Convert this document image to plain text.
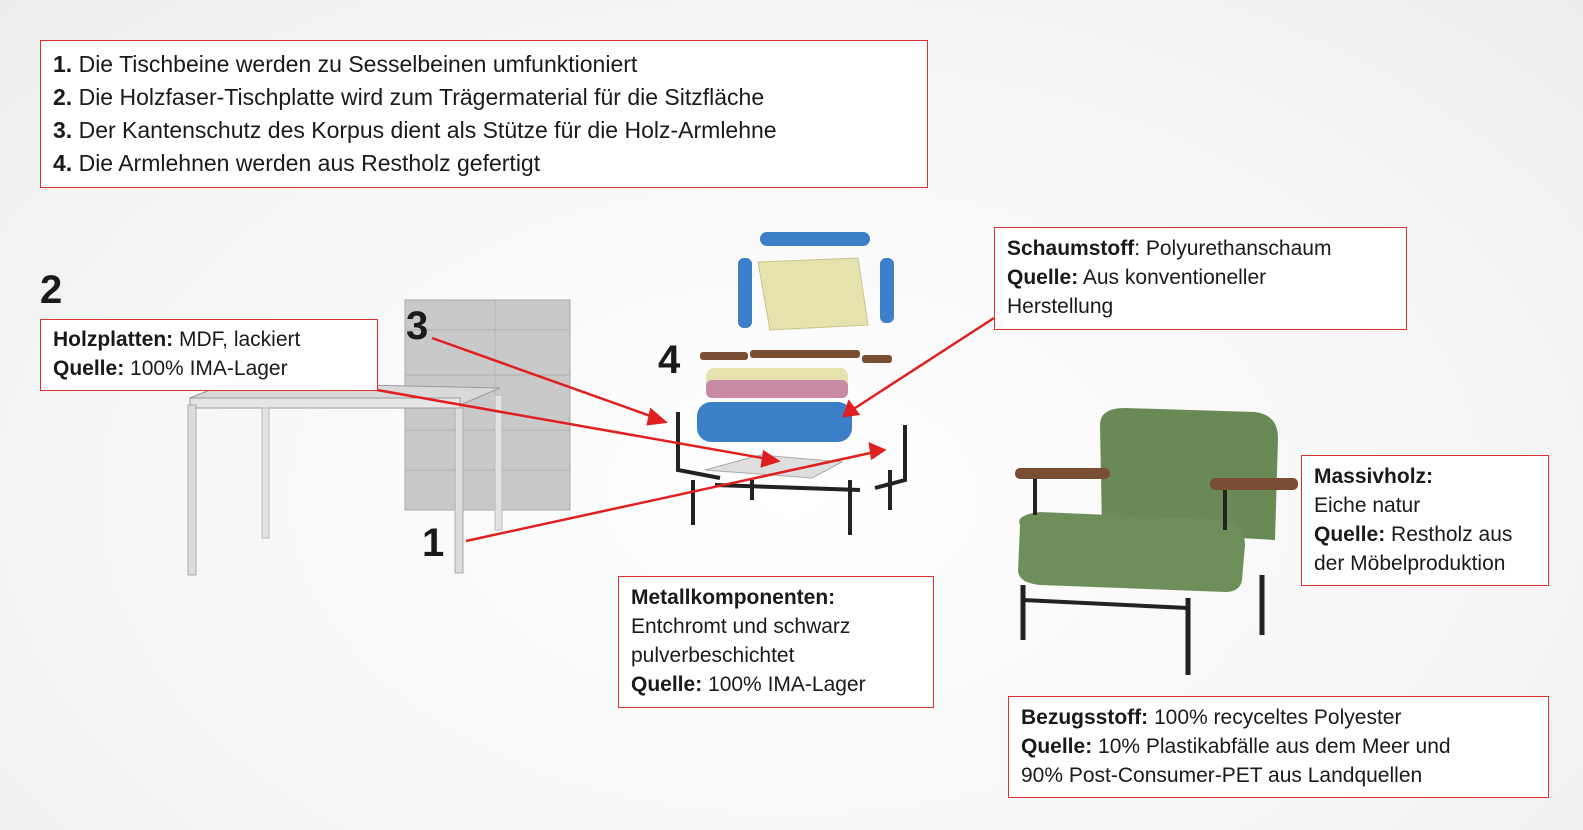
1. Die Tischbeine werden zu Sesselbeinen umfunktioniert
2. Die Holzfaser-Tischplatte wird zum Trägermaterial für die Sitzfläche
3. Der Kantenschutz des Korpus dient als Stütze für die Holz-Armlehne
4. Die Armlehnen werden aus Restholz gefertigt
2
3
4
1
Holzplatten: MDF, lackiert
Quelle: 100% IMA-Lager
Schaumstoff: Polyurethanschaum
Quelle: Aus konventioneller
Herstellung
Massivholz:
Eiche natur
Quelle: Restholz aus
der Möbelproduktion
Metallkomponenten:
Entchromt und schwarz
pulverbeschichtet
Quelle: 100% IMA-Lager
Bezugsstoff: 100% recyceltes Polyester
Quelle: 10% Plastikabfälle aus dem Meer und
90% Post-Consumer-PET aus Landquellen
